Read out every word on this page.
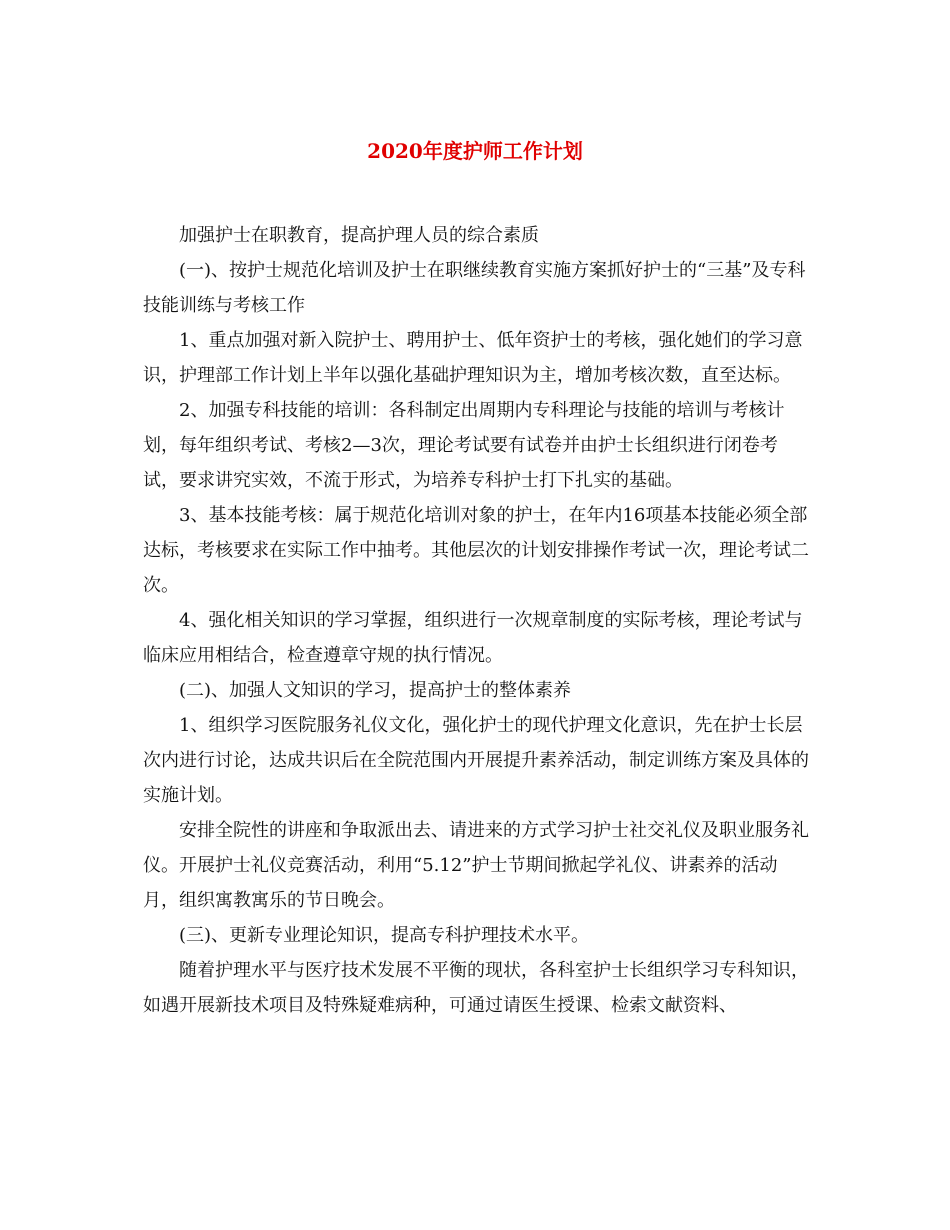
2020年度护师工作计划

加强护士在职教育，提高护理人员的综合素质

(一)、按护士规范化培训及护士在职继续教育实施方案抓好护士的“三基”及专科技能训练与考核工作

1、重点加强对新入院护士、聘用护士、低年资护士的考核，强化她们的学习意识，护理部工作计划上半年以强化基础护理知识为主，增加考核次数，直至达标。

2、加强专科技能的培训：各科制定出周期内专科理论与技能的培训与考核计划，每年组织考试、考核2—3次，理论考试要有试卷并由护士长组织进行闭卷考试，要求讲究实效，不流于形式，为培养专科护士打下扎实的基础。

3、基本技能考核：属于规范化培训对象的护士，在年内16项基本技能必须全部达标，考核要求在实际工作中抽考。其他层次的计划安排操作考试一次，理论考试二次。

4、强化相关知识的学习掌握，组织进行一次规章制度的实际考核，理论考试与临床应用相结合，检查遵章守规的执行情况。

(二)、加强人文知识的学习，提高护士的整体素养

1、组织学习医院服务礼仪文化，强化护士的现代护理文化意识，先在护士长层次内进行讨论，达成共识后在全院范围内开展提升素养活动，制定训练方案及具体的实施计划。

安排全院性的讲座和争取派出去、请进来的方式学习护士社交礼仪及职业服务礼仪。开展护士礼仪竞赛活动，利用“5.12”护士节期间掀起学礼仪、讲素养的活动月，组织寓教寓乐的节日晚会。

(三)、更新专业理论知识，提高专科护理技术水平。

随着护理水平与医疗技术发展不平衡的现状，各科室护士长组织学习专科知识，如遇开展新技术项目及特殊疑难病种，可通过请医生授课、检索文献资料、
